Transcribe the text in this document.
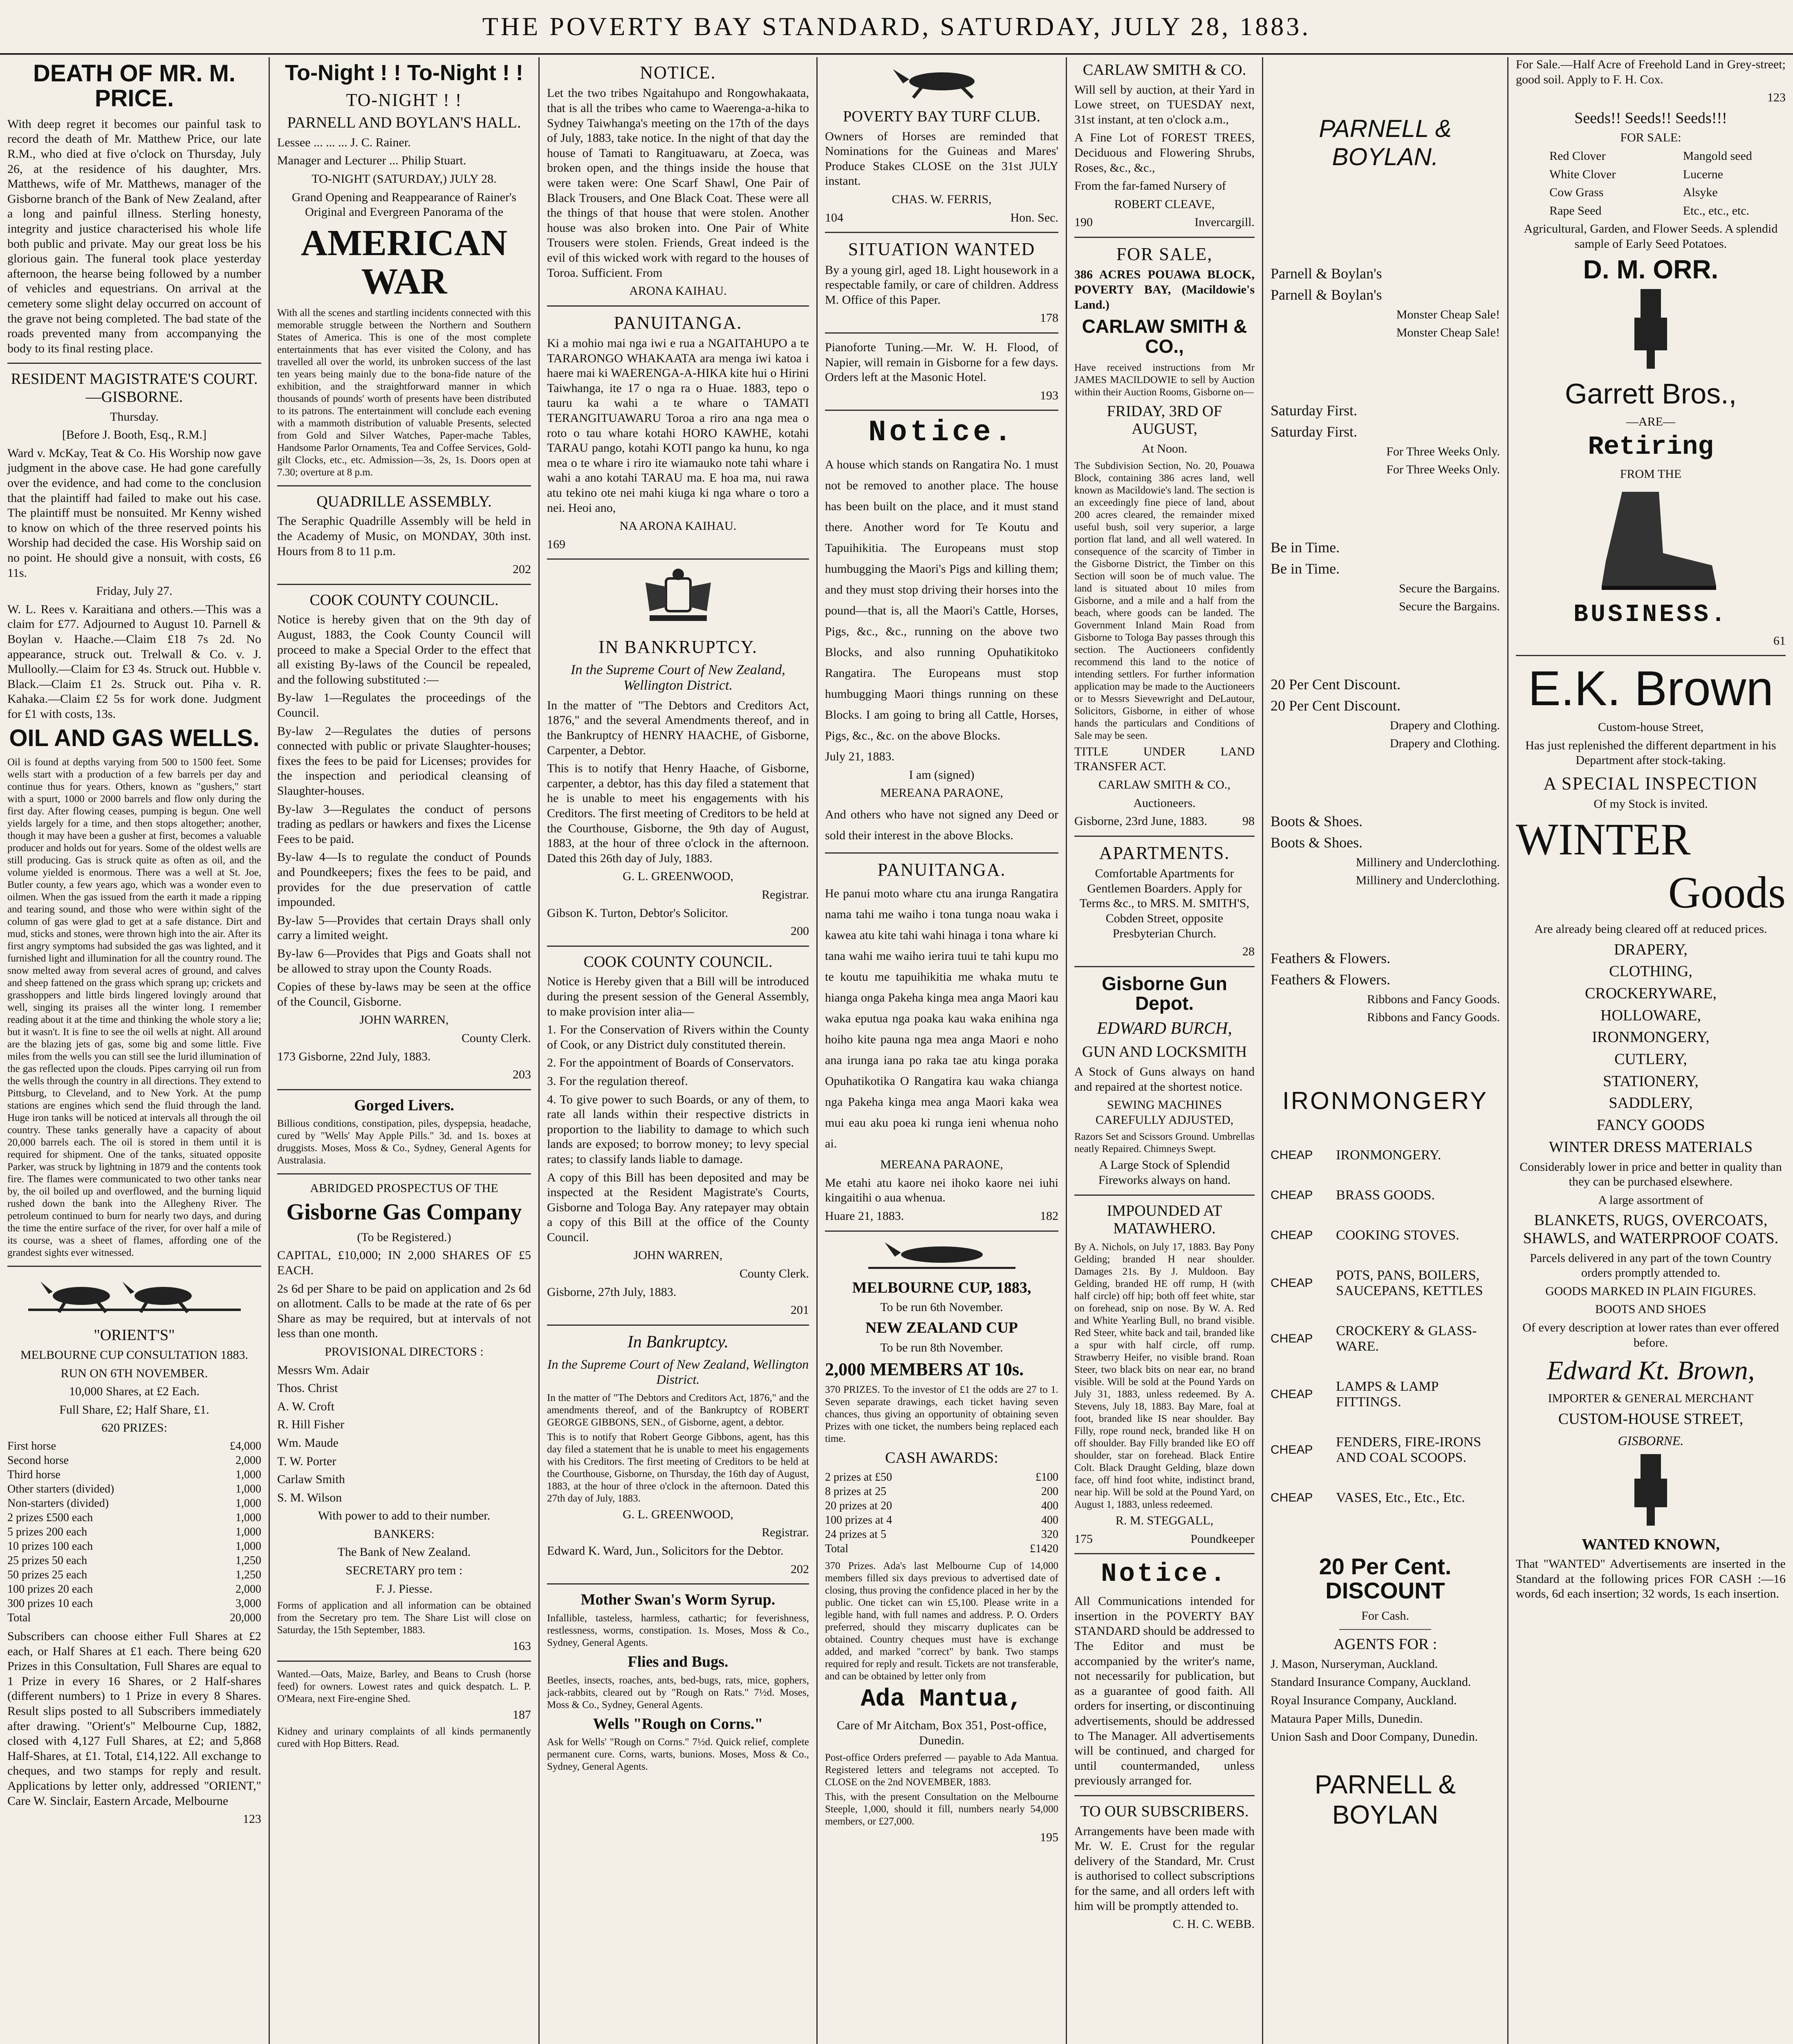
THE POVERTY BAY STANDARD, SATURDAY, JULY 28, 1883.
DEATH OF MR. M. PRICE.
With deep regret it becomes our painful task to record the death of Mr. Matthew Price, our late R.M., who died at five o'clock on Thursday, July 26, at the residence of his daughter, Mrs. Matthews, wife of Mr. Matthews, manager of the Gisborne branch of the Bank of New Zealand, after a long and painful illness. Sterling honesty, integrity and justice characterised his whole life both public and private. May our great loss be his glorious gain. The funeral took place yesterday afternoon, the hearse being followed by a number of vehicles and equestrians. On arrival at the cemetery some slight delay occurred on account of the grave not being completed. The bad state of the roads prevented many from accompanying the body to its final resting place.
RESIDENT MAGISTRATE'S COURT.—GISBORNE.
Thursday.
[Before J. Booth, Esq., R.M.]
Ward v. McKay, Teat & Co. His Worship now gave judgment in the above case. He had gone carefully over the evidence, and had come to the conclusion that the plaintiff had failed to make out his case. The plaintiff must be nonsuited. Mr Kenny wished to know on which of the three reserved points his Worship had decided the case. His Worship said on no point. He should give a nonsuit, with costs, £6 11s.
Friday, July 27.
W. L. Rees v. Karaitiana and others.—This was a claim for £77. Adjourned to August 10. Parnell & Boylan v. Haache.—Claim £18 7s 2d. No appearance, struck out. Trelwall & Co. v. J. Mulloolly.—Claim for £3 4s. Struck out. Hubble v. Black.—Claim £1 2s. Struck out. Piha v. R. Kahaka.—Claim £2 5s for work done. Judgment for £1 with costs, 13s.
OIL AND GAS WELLS.
Oil is found at depths varying from 500 to 1500 feet. Some wells start with a production of a few barrels per day and continue thus for years. Others, known as "gushers," start with a spurt, 1000 or 2000 barrels and flow only during the first day. After flowing ceases, pumping is begun. One well yields largely for a time, and then stops altogether; another, though it may have been a gusher at first, becomes a valuable producer and holds out for years. Some of the oldest wells are still producing. Gas is struck quite as often as oil, and the volume yielded is enormous. There was a well at St. Joe, Butler county, a few years ago, which was a wonder even to oilmen. When the gas issued from the earth it made a ripping and tearing sound, and those who were within sight of the column of gas were glad to get at a safe distance. Dirt and mud, sticks and stones, were thrown high into the air. After its first angry symptoms had subsided the gas was lighted, and it furnished light and illumination for all the country round. The snow melted away from several acres of ground, and calves and sheep fattened on the grass which sprang up; crickets and grasshoppers and little birds lingered lovingly around that well, singing its praises all the winter long. I remember reading about it at the time and thinking the whole story a lie; but it wasn't. It is fine to see the oil wells at night. All around are the blazing jets of gas, some big and some little. Five miles from the wells you can still see the lurid illumination of the gas reflected upon the clouds. Pipes carrying oil run from the wells through the country in all directions. They extend to Pittsburg, to Cleveland, and to New York. At the pump stations are engines which send the fluid through the land. Huge iron tanks will be noticed at intervals all through the oil country. These tanks generally have a capacity of about 20,000 barrels each. The oil is stored in them until it is required for shipment. One of the tanks, situated opposite Parker, was struck by lightning in 1879 and the contents took fire. The flames were communicated to two other tanks near by, the oil boiled up and overflowed, and the burning liquid rushed down the bank into the Allegheny River. The petroleum continued to burn for nearly two days, and during the time the entire surface of the river, for over half a mile of its course, was a sheet of flames, affording one of the grandest sights ever witnessed.
"ORIENT'S"
MELBOURNE CUP CONSULTATION 1883.
RUN ON 6TH NOVEMBER.
10,000 Shares, at £2 Each.
Full Share, £2; Half Share, £1.
620 PRIZES:
First horse	£4,000
Second horse	2,000
Third horse	1,000
Other starters (divided)	1,000
Non-starters (divided)	1,000
2 prizes £500 each	1,000
5 prizes 200 each	1,000
10 prizes 100 each	1,000
25 prizes 50 each	1,250
50 prizes 25 each	1,250
100 prizes 20 each	2,000
300 prizes 10 each	3,000
Total	20,000
Subscribers can choose either Full Shares at £2 each, or Half Shares at £1 each. There being 620 Prizes in this Consultation, Full Shares are equal to 1 Prize in every 16 Shares, or 2 Half-shares (different numbers) to 1 Prize in every 8 Shares. Result slips posted to all Subscribers immediately after drawing. "Orient's" Melbourne Cup, 1882, closed with 4,127 Full Shares, at £2; and 5,868 Half-Shares, at £1. Total, £14,122. All exchange to cheques, and two stamps for reply and result. Applications by letter only, addressed "ORIENT," Care W. Sinclair, Eastern Arcade, Melbourne
123
To-Night ! ! To-Night ! !
TO-NIGHT ! !
PARNELL AND BOYLAN'S HALL.
Lessee ... ... ... J. C. Rainer.
Manager and Lecturer ... Philip Stuart.
TO-NIGHT (SATURDAY,) JULY 28.
Grand Opening and Reappearance of Rainer's Original and Evergreen Panorama of the
AMERICAN WAR
With all the scenes and startling incidents connected with this memorable struggle between the Northern and Southern States of America. This is one of the most complete entertainments that has ever visited the Colony, and has travelled all over the world, its unbroken success of the last ten years being mainly due to the bona-fide nature of the exhibition, and the straightforward manner in which thousands of pounds' worth of presents have been distributed to its patrons. The entertainment will conclude each evening with a mammoth distribution of valuable Presents, selected from Gold and Silver Watches, Paper-mache Tables, Handsome Parlor Ornaments, Tea and Coffee Services, Gold-gilt Clocks, etc., etc. Admission—3s, 2s, 1s. Doors open at 7.30; overture at 8 p.m.
QUADRILLE ASSEMBLY.
The Seraphic Quadrille Assembly will be held in the Academy of Music, on MONDAY, 30th inst. Hours from 8 to 11 p.m.
202
COOK COUNTY COUNCIL.
Notice is hereby given that on the 9th day of August, 1883, the Cook County Council will proceed to make a Special Order to the effect that all existing By-laws of the Council be repealed, and the following substituted :—
By-law 1—Regulates the proceedings of the Council.
By-law 2—Regulates the duties of persons connected with public or private Slaughter-houses; fixes the fees to be paid for Licenses; provides for the inspection and periodical cleansing of Slaughter-houses.
By-law 3—Regulates the conduct of persons trading as pedlars or hawkers and fixes the License Fees to be paid.
By-law 4—Is to regulate the conduct of Pounds and Poundkeepers; fixes the fees to be paid, and provides for the due preservation of cattle impounded.
By-law 5—Provides that certain Drays shall only carry a limited weight.
By-law 6—Provides that Pigs and Goats shall not be allowed to stray upon the County Roads.
Copies of these by-laws may be seen at the office of the Council, Gisborne.
JOHN WARREN,
County Clerk.
173 Gisborne, 22nd July, 1883.
203
Gorged Livers.
Billious conditions, constipation, piles, dyspepsia, headache, cured by "Wells' May Apple Pills." 3d. and 1s. boxes at druggists. Moses, Moss & Co., Sydney, General Agents for Australasia.
ABRIDGED PROSPECTUS OF THE
Gisborne Gas Company
(To be Registered.)
CAPITAL, £10,000; IN 2,000 SHARES OF £5 EACH.
2s 6d per Share to be paid on application and 2s 6d on allotment. Calls to be made at the rate of 6s per Share as may be required, but at intervals of not less than one month.
PROVISIONAL DIRECTORS :
Messrs Wm. Adair
Thos. Christ
A. W. Croft
R. Hill Fisher
Wm. Maude
T. W. Porter
Carlaw Smith
S. M. Wilson
With power to add to their number.
BANKERS:
The Bank of New Zealand.
SECRETARY pro tem :
F. J. Piesse.
Forms of application and all information can be obtained from the Secretary pro tem. The Share List will close on Saturday, the 15th September, 1883.
163
Wanted.—Oats, Maize, Barley, and Beans to Crush (horse feed) for owners. Lowest rates and quick despatch. L. P. O'Meara, next Fire-engine Shed.
187
Kidney and urinary complaints of all kinds permanently cured with Hop Bitters. Read.
NOTICE.
Let the two tribes Ngaitahupo and Rongowhakaata, that is all the tribes who came to Waerenga-a-hika to Sydney Taiwhanga's meeting on the 17th of the days of July, 1883, take notice. In the night of that day the house of Tamati to Rangituawaru, at Zoeca, was broken open, and the things inside the house that were taken were: One Scarf Shawl, One Pair of Black Trousers, and One Black Coat. These were all the things of that house that were stolen. Another house was also broken into. One Pair of White Trousers were stolen. Friends, Great indeed is the evil of this wicked work with regard to the houses of Toroa. Sufficient. From
ARONA KAIHAU.
PANUITANGA.
Ki a mohio mai nga iwi e rua a NGAITAHUPO a te TARARONGO WHAKAATA ara menga iwi katoa i haere mai ki WAERENGA-A-HIKA kite hui o Hirini Taiwhanga, ite 17 o nga ra o Huae. 1883, tepo o tauru ka wahi a te whare o TAMATI TERANGITUAWARU Toroa a riro ana nga mea o roto o tau whare kotahi HORO KAWHE, kotahi TARAU pango, kotahi KOTI pango ka hunu, ko nga mea o te whare i riro ite wiamauko note tahi whare i wahi a ano kotahi TARAU ma. E hoa ma, nui rawa atu tekino ote nei mahi kiuga ki nga whare o toro a nei. Heoi ano,
NA ARONA KAIHAU.
169
IN BANKRUPTCY.
In the Supreme Court of New Zealand, Wellington District.
In the matter of "The Debtors and Creditors Act, 1876," and the several Amendments thereof, and in the Bankruptcy of HENRY HAACHE, of Gisborne, Carpenter, a Debtor.
This is to notify that Henry Haache, of Gisborne, carpenter, a debtor, has this day filed a statement that he is unable to meet his engagements with his Creditors. The first meeting of Creditors to be held at the Courthouse, Gisborne, the 9th day of August, 1883, at the hour of three o'clock in the afternoon. Dated this 26th day of July, 1883.
G. L. GREENWOOD,
Registrar.
Gibson K. Turton, Debtor's Solicitor.
200
COOK COUNTY COUNCIL.
Notice is Hereby given that a Bill will be introduced during the present session of the General Assembly, to make provision inter alia—
1. For the Conservation of Rivers within the County of Cook, or any District duly constituted therein.
2. For the appointment of Boards of Conservators.
3. For the regulation thereof.
4. To give power to such Boards, or any of them, to rate all lands within their respective districts in proportion to the liability to damage to which such lands are exposed; to borrow money; to levy special rates; to classify lands liable to damage.
A copy of this Bill has been deposited and may be inspected at the Resident Magistrate's Courts, Gisborne and Tologa Bay. Any ratepayer may obtain a copy of this Bill at the office of the County Council.
JOHN WARREN,
County Clerk.
Gisborne, 27th July, 1883.
201
In Bankruptcy.
In the Supreme Court of New Zealand, Wellington District.
In the matter of "The Debtors and Creditors Act, 1876," and the amendments thereof, and of the Bankruptcy of ROBERT GEORGE GIBBONS, SEN., of Gisborne, agent, a debtor.
This is to notify that Robert George Gibbons, agent, has this day filed a statement that he is unable to meet his engagements with his Creditors. The first meeting of Creditors to be held at the Courthouse, Gisborne, on Thursday, the 16th day of August, 1883, at the hour of three o'clock in the afternoon. Dated this 27th day of July, 1883.
G. L. GREENWOOD,
Registrar.
Edward K. Ward, Jun., Solicitors for the Debtor.
202
Mother Swan's Worm Syrup.
Infallible, tasteless, harmless, cathartic; for feverishness, restlessness, worms, constipation. 1s. Moses, Moss & Co., Sydney, General Agents.
Flies and Bugs.
Beetles, insects, roaches, ants, bed-bugs, rats, mice, gophers, jack-rabbits, cleared out by "Rough on Rats." 7½d. Moses, Moss & Co., Sydney, General Agents.
Wells "Rough on Corns."
Ask for Wells' "Rough on Corns." 7½d. Quick relief, complete permanent cure. Corns, warts, bunions. Moses, Moss & Co., Sydney, General Agents.
POVERTY BAY TURF CLUB.
Owners of Horses are reminded that Nominations for the Guineas and Mares' Produce Stakes CLOSE on the 31st JULY instant.
CHAS. W. FERRIS,
104	Hon. Sec.
SITUATION WANTED
By a young girl, aged 18. Light housework in a respectable family, or care of children. Address M. Office of this Paper.
178
Pianoforte Tuning.—Mr. W. H. Flood, of Napier, will remain in Gisborne for a few days. Orders left at the Masonic Hotel.
193
Notice.
A house which stands on Rangatira No. 1 must not be removed to another place. The house has been built on the place, and it must stand there. Another word for Te Koutu and Tapuihikitia. The Europeans must stop humbugging the Maori's Pigs and killing them; and they must stop driving their horses into the pound—that is, all the Maori's Cattle, Horses, Pigs, &c., &c., running on the above two Blocks, and also running Opuhatikitoko Rangatira. The Europeans must stop humbugging Maori things running on these Blocks. I am going to bring all Cattle, Horses, Pigs, &c., &c. on the above Blocks.
July 21, 1883.
I am (signed)
MEREANA PARAONE,
And others who have not signed any Deed or sold their interest in the above Blocks.
PANUITANGA.
He panui moto whare ctu ana irunga Rangatira nama tahi me waiho i tona tunga noau waka i kawea atu kite tahi wahi hinaga i tona whare ki tana wahi me waiho ierira tuui te tahi kupu mo te koutu me tapuihikitia me whaka mutu te hianga onga Pakeha kinga mea anga Maori kau waka eputua nga poaka kau waka enihina nga hoiho kite pauna nga mea anga Maori e noho ana irunga iana po raka tae atu kinga poraka Opuhatikotika O Rangatira kau waka chianga nga Pakeha kinga mea anga Maori kaka wea mui eau aku poea ki runga ieni whenua noho ai.
MEREANA PARAONE,
Me etahi atu kaore nei ihoko kaore nei iuhi kingaitihi o aua whenua.
Huare 21, 1883.	182
MELBOURNE CUP, 1883,
To be run 6th November.
NEW ZEALAND CUP
To be run 8th November.
2,000 MEMBERS AT 10s.
370 PRIZES. To the investor of £1 the odds are 27 to 1. Seven separate drawings, each ticket having seven chances, thus giving an opportunity of obtaining seven Prizes with one ticket, the numbers being replaced each time.
CASH AWARDS:
2 prizes at £50	£100
8 prizes at 25	200
20 prizes at 20	400
100 prizes at 4	400
24 prizes at 5	320
Total	£1420
370 Prizes. Ada's last Melbourne Cup of 14,000 members filled six days previous to advertised date of closing, thus proving the confidence placed in her by the public. One ticket can win £5,100. Please write in a legible hand, with full names and address. P. O. Orders preferred, should they miscarry duplicates can be obtained. Country cheques must have is exchange added, and marked "correct" by bank. Two stamps required for reply and result. Tickets are not transferable, and can be obtained by letter only from
Ada Mantua,
Care of Mr Aitcham, Box 351, Post-office, Dunedin.
Post-office Orders preferred — payable to Ada Mantua. Registered letters and telegrams not accepted. To CLOSE on the 2nd NOVEMBER, 1883.
This, with the present Consultation on the Melbourne Steeple, 1,000, should it fill, numbers nearly 54,000 members, or £27,000.
195
CARLAW SMITH & CO.
Will sell by auction, at their Yard in Lowe street, on TUESDAY next, 31st instant, at ten o'clock a.m.,
A Fine Lot of FOREST TREES, Deciduous and Flowering Shrubs, Roses, &c., &c.,
From the far-famed Nursery of
ROBERT CLEAVE,
190	Invercargill.
FOR SALE,
386 ACRES POUAWA BLOCK, POVERTY BAY, (Macildowie's Land.)
CARLAW SMITH & CO.,
Have received instructions from Mr JAMES MACILDOWIE to sell by Auction within their Auction Rooms, Gisborne on—
FRIDAY, 3RD OF AUGUST,
At Noon.
The Subdivision Section, No. 20, Pouawa Block, containing 386 acres land, well known as Macildowie's land. The section is an exceedingly fine piece of land, about 200 acres cleared, the remainder mixed useful bush, soil very superior, a large portion flat land, and all well watered. In consequence of the scarcity of Timber in the Gisborne District, the Timber on this Section will soon be of much value. The land is situated about 10 miles from Gisborne, and a mile and a half from the beach, where goods can be landed. The Government Inland Main Road from Gisborne to Tologa Bay passes through this section. The Auctioneers confidently recommend this land to the notice of intending settlers. For further information application may be made to the Auctioneers or to Messrs Sievewright and DeLautour, Solicitors, Gisborne, in either of whose hands the particulars and Conditions of Sale may be seen.
TITLE UNDER LAND TRANSFER ACT.
CARLAW SMITH & CO.,
Auctioneers.
Gisborne, 23rd June, 1883.	98
APARTMENTS.
Comfortable Apartments for Gentlemen Boarders. Apply for Terms &c., to MRS. M. SMITH'S, Cobden Street, opposite Presbyterian Church.
28
Gisborne Gun Depot.
EDWARD BURCH,
GUN AND LOCKSMITH
A Stock of Guns always on hand and repaired at the shortest notice.
SEWING MACHINES CAREFULLY ADJUSTED,
Razors Set and Scissors Ground. Umbrellas neatly Repaired. Chimneys Swept.
A Large Stock of Splendid Fireworks always on hand.
IMPOUNDED AT MATAWHERO.
By A. Nichols, on July 17, 1883. Bay Pony Gelding; branded H near shoulder. Damages 21s. By J. Muldoon. Bay Gelding, branded HE off rump, H (with half circle) off hip; both off feet white, star on forehead, snip on nose. By W. A. Red and White Yearling Bull, no brand visible. Red Steer, white back and tail, branded like a spur with half circle, off rump. Strawberry Heifer, no visible brand. Roan Steer, two black bits on near ear, no brand visible. Will be sold at the Pound Yards on July 31, 1883, unless redeemed. By A. Stevens, July 18, 1883. Bay Mare, foal at foot, branded like IS near shoulder. Bay Filly, rope round neck, branded like H on off shoulder. Bay Filly branded like EO off shoulder, star on forehead. Black Entire Colt. Black Draught Gelding, blaze down face, off hind foot white, indistinct brand, near hip. Will be sold at the Pound Yard, on August 1, 1883, unless redeemed.
R. M. STEGGALL,
175	Poundkeeper
Notice.
All Communications intended for insertion in the POVERTY BAY STANDARD should be addressed to The Editor and must be accompanied by the writer's name, not necessarily for publication, but as a guarantee of good faith. All orders for inserting, or discontinuing advertisements, should be addressed to The Manager. All advertisements will be continued, and charged for until countermanded, unless previously arranged for.
TO OUR SUBSCRIBERS.
Arrangements have been made with Mr. W. E. Crust for the regular delivery of the Standard, Mr. Crust is authorised to collect subscriptions for the same, and all orders left with him will be promptly attended to.
C. H. C. WEBB.
PARNELL & BOYLAN.
Parnell & Boylan's
Parnell & Boylan's
Monster Cheap Sale!
Monster Cheap Sale!
Saturday First.
Saturday First.
For Three Weeks Only.
For Three Weeks Only.
Be in Time.
Be in Time.
Secure the Bargains.
Secure the Bargains.
20 Per Cent Discount.
20 Per Cent Discount.
Drapery and Clothing.
Drapery and Clothing.
Boots & Shoes.
Boots & Shoes.
Millinery and Underclothing.
Millinery and Underclothing.
Feathers & Flowers.
Feathers & Flowers.
Ribbons and Fancy Goods.
Ribbons and Fancy Goods.
IRONMONGERY
CHEAP	IRONMONGERY.
CHEAP	BRASS GOODS.
CHEAP	COOKING STOVES.
CHEAP
POTS, PANS, BOILERS, SAUCEPANS, KETTLES
CHEAP
CROCKERY & GLASS-WARE.
CHEAP
LAMPS & LAMP FITTINGS.
CHEAP
FENDERS, FIRE-IRONS AND COAL SCOOPS.
CHEAP	VASES, Etc., Etc., Etc.
20 Per Cent. DISCOUNT
For Cash.
AGENTS FOR :
J. Mason, Nurseryman, Auckland.
Standard Insurance Company, Auckland.
Royal Insurance Company, Auckland.
Mataura Paper Mills, Dunedin.
Union Sash and Door Company, Dunedin.
PARNELL & BOYLAN
For Sale.—Half Acre of Freehold Land in Grey-street; good soil. Apply to F. H. Cox.
123
Seeds!! Seeds!! Seeds!!!
FOR SALE:
Red Clover
White Clover
Cow Grass
Rape Seed
Mangold seed
Lucerne
Alsyke
Etc., etc., etc.
Agricultural, Garden, and Flower Seeds. A splendid sample of Early Seed Potatoes.
D. M. ORR.
Garrett Bros.,
—ARE—
Retiring
FROM THE
BUSINESS.
61
E.K. Brown
Custom-house Street,
Has just replenished the different department in his Department after stock-taking.
A SPECIAL INSPECTION
Of my Stock is invited.
WINTER
Goods
Are already being cleared off at reduced prices.
DRAPERY,
CLOTHING,
CROCKERYWARE,
HOLLOWARE,
IRONMONGERY,
CUTLERY,
STATIONERY,
SADDLERY,
FANCY GOODS
WINTER DRESS MATERIALS
Considerably lower in price and better in quality than they can be purchased elsewhere.
A large assortment of
BLANKETS, RUGS, OVERCOATS, SHAWLS, and WATERPROOF COATS.
Parcels delivered in any part of the town Country orders promptly attended to.
GOODS MARKED IN PLAIN FIGURES.
BOOTS AND SHOES
Of every description at lower rates than ever offered before.
Edward Kt. Brown,
IMPORTER & GENERAL MERCHANT
CUSTOM-HOUSE STREET,
GISBORNE.
WANTED KNOWN,
That "WANTED" Advertisements are inserted in the Standard at the following prices FOR CASH :—16 words, 6d each insertion; 32 words, 1s each insertion.
